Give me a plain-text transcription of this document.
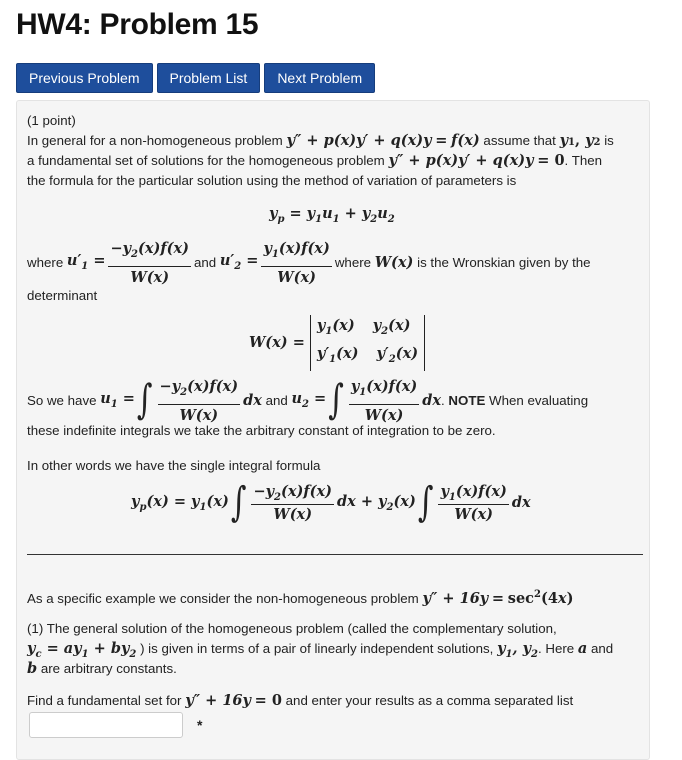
HW4: Problem 15
Previous Problem	Problem List	Next Problem
(1 point)
In general for a non-homogeneous problem y″ + p(x)y′ + q(x)y = f(x) assume that y1, y2 is
a fundamental set of solutions for the homogeneous problem y″ + p(x)y′ + q(x)y = 0. Then
the formula for the particular solution using the method of variation of parameters is
$y_p = y_1u_1 + y_2u_2$
where
$u'_1 = \frac{-y_2(x)f(x)}{W(x)}$ and
$u'_2 = \frac{y_1(x)f(x)}{W(x)}$ where
W(x)
is the Wronskian given by the
determinant
W(x) =
$y_1(x)$ $y_2(x)$
$y'_1(x)$ $y'_2(x)$
So we have
$u_1$ = ∫ $\frac{-y_2(x)f(x)}{W(x)}$ dx
and
$u_2$ = ∫ $\frac{y_1(x)f(x)}{W(x)}$ dx . NOTE
When evaluating
these indefinite integrals we take the arbitrary constant of integration to be zero.
In other words we have the single integral formula
$y_p(x) = y_1(x)$ ∫ $\frac{-y_2(x)f(x)}{W(x)}$ dx + $y_2(x)$ ∫ $\frac{y_1(x)f(x)}{W(x)}$ dx
As a specific example we consider the non-homogeneous problem $y'' + 16y = \sec^2(4x)$
(1) The general solution of the homogeneous problem (called the complementary solution,
$y_c = ay_1 + by_2$ ) is given in terms of a pair of linearly independent solutions, $y_1$, $y_2$. Here a and
b are arbitrary constants.
Find a fundamental set for y″ + 16y = 0 and enter your results as a comma separated list
*
